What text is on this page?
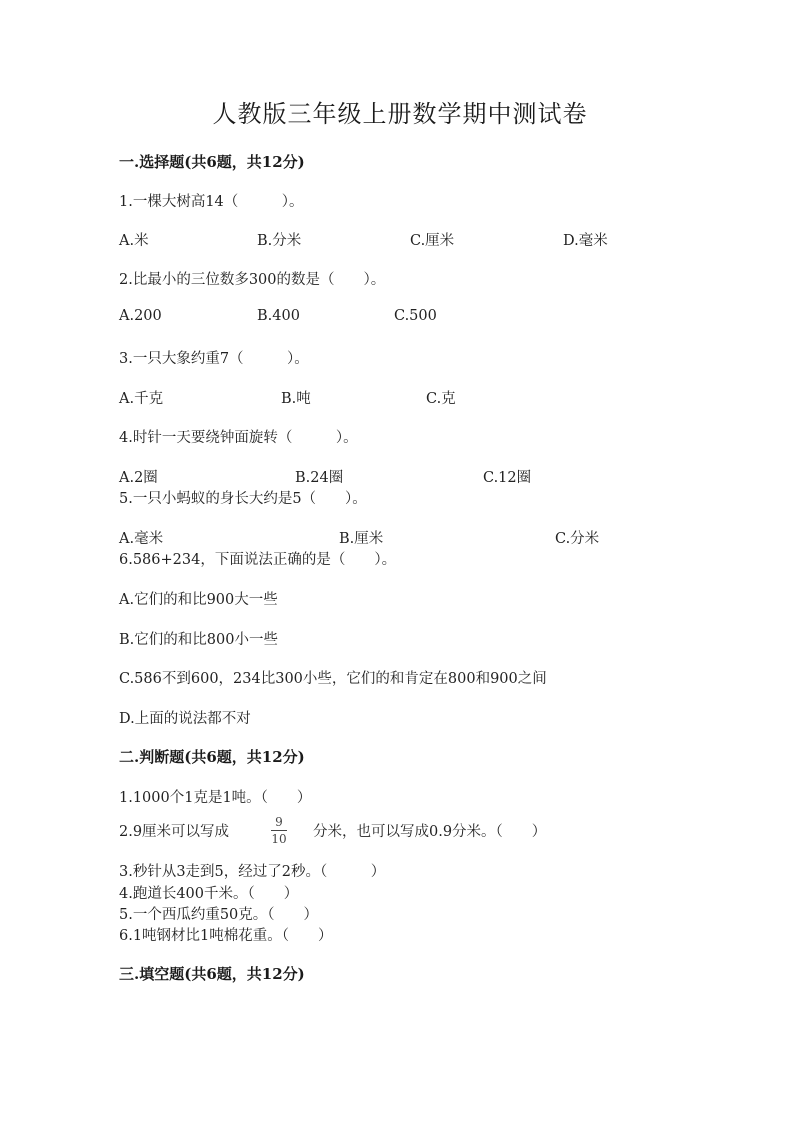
人教版三年级上册数学期中测试卷
一.选择题(共6题，共12分)
1.一棵大树高14（　　　）。
A.米	B.分米	C.厘米	D.毫米
2.比最小的三位数多300的数是（　　）。
A.200	B.400	C.500
3.一只大象约重7（　　　）。
A.千克	B.吨	C.克
4.时针一天要绕钟面旋转（　　　）。
A.2圈	B.24圈	C.12圈
5.一只小蚂蚁的身长大约是5（　　）。
A.毫米	B.厘米	C.分米
6.586+234，下面说法正确的是（　　）。
A.它们的和比900大一些
B.它们的和比800小一些
C.586不到600，234比300小些，它们的和肯定在800和900之间
D.上面的说法都不对
二.判断题(共6题，共12分)
1.1000个1克是1吨。（　　）
2.9厘米可以写成
9
10 分米，也可以写成0.9分米。（　　）
3.秒针从3走到5，经过了2秒。（　　　）
4.跑道长400千米。（　　）
5.一个西瓜约重50克。（　　）
6.1吨钢材比1吨棉花重。（　　）
三.填空题(共6题，共12分)
